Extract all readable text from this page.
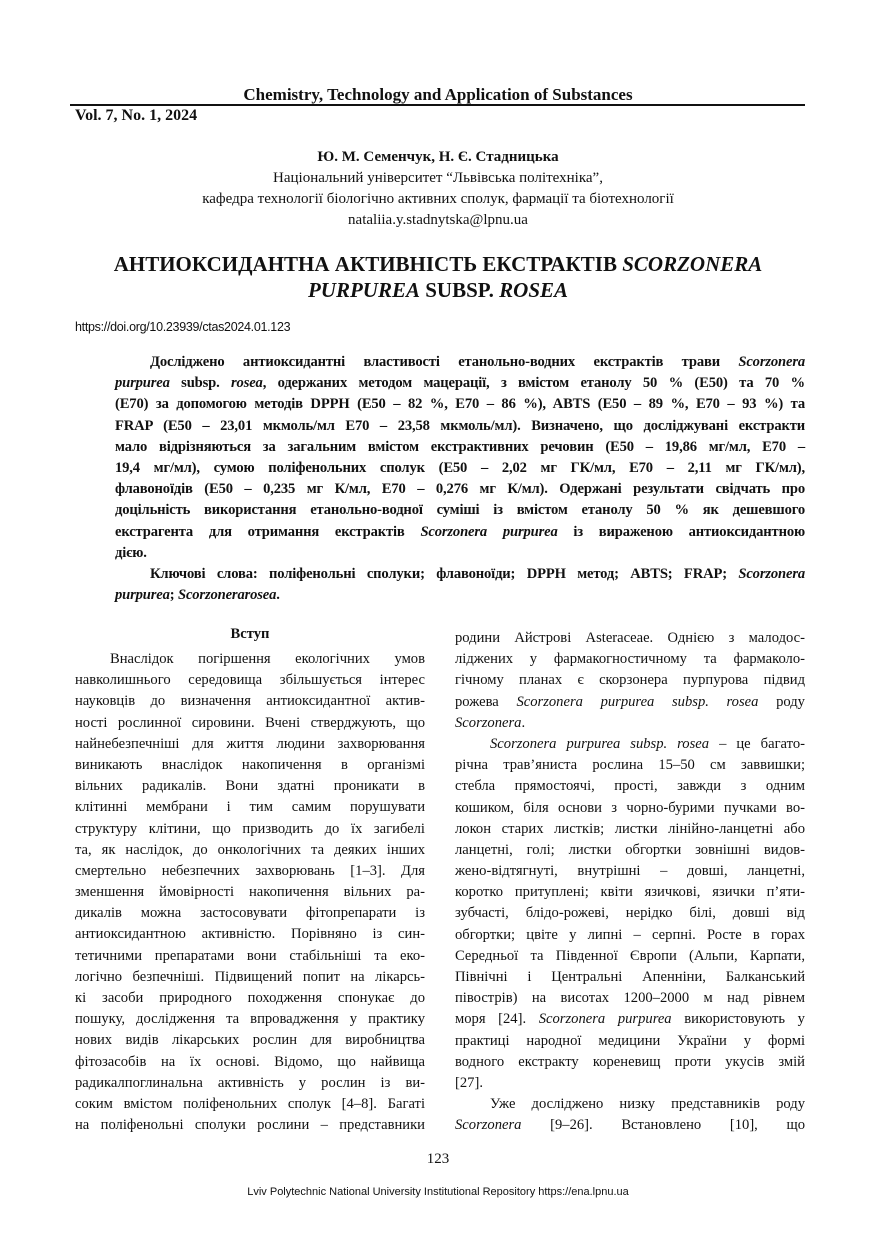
Chemistry, Technology and Application of Substances
Vol. 7, No. 1, 2024
Ю. М. Семенчук, Н. Є. Стадницька
Національний університет “Львівська політехніка”,
кафедра технології біологічно активних сполук, фармації та біотехнології
nataliia.y.stadnytska@lpnu.ua
АНТИОКСИДАНТНА АКТИВНІСТЬ ЕКСТРАКТІВ SCORZONERA
PURPUREA SUBSP. ROSEA
https://doi.org/10.23939/ctas2024.01.123
Досліджено антиоксидантні властивості етанольно-водних екстрактів трави Scorzonera
purpurea subsp. rosea, одержаних методом мацерації, з вмістом етанолу 50 % (E50) та 70 %
(E70) за допомогою методів DPPH (E50 – 82 %, E70 – 86 %), ABTS (E50 – 89 %, E70 – 93 %) та
FRAP (E50 – 23,01 мкмоль/мл E70 – 23,58 мкмоль/мл). Визначено, що досліджувані екстракти
мало відрізняються за загальним вмістом екстрактивних речовин (E50 – 19,86 мг/мл, E70 –
19,4 мг/мл), сумою поліфенольних сполук (E50 – 2,02 мг ГК/мл, E70 – 2,11 мг ГК/мл),
флавоноїдів (E50 – 0,235 мг К/мл, E70 – 0,276 мг К/мл). Одержані результати свідчать про
доцільність використання етанольно-водної суміші із вмістом етанолу 50 % як дешевшого
екстрагента для отримання екстрактів Scorzonera purpurea із вираженою антиоксидантною
дією.
Ключові слова: поліфенольні сполуки; флавоноїди; DPPH метод; ABTS; FRAP; Scorzonera
purpurea; Scorzonerarosea.
Вступ
Внаслідок погіршення екологічних умов
навколишнього середовища збільшується інтерес
науковців до визначення антиоксидантної актив-
ності рослинної сировини. Вчені стверджують, що
найнебезпечніші для життя людини захворювання
виникають внаслідок накопичення в організмі
вільних радикалів. Вони здатні проникати в
клітинні мембрани і тим самим порушувати
структуру клітини, що призводить до їх загибелі
та, як наслідок, до онкологічних та деяких інших
смертельно небезпечних захворювань [1–3]. Для
зменшення ймовірності накопичення вільних ра-
дикалів можна застосовувати фітопрепарати із
антиоксидантною активністю. Порівняно із син-
тетичними препаратами вони стабільніші та еко-
логічно безпечніші. Підвищений попит на лікарсь-
кі засоби природного походження спонукає до
пошуку, дослідження та впровадження у практику
нових видів лікарських рослин для виробництва
фітозасобів на їх основі. Відомо, що найвища
радикалпоглинальна активність у рослин із ви-
соким вмістом поліфенольних сполук [4–8]. Багаті
на поліфенольні сполуки рослини – представники
родини Айстрові Asteraceae. Однією з малодос-
ліджених у фармакогностичному та фармаколо-
гічному планах є скорзонера пурпурова підвид
рожева Scorzonera purpurea subsp. rosea роду
Scorzonera.
Scorzonera purpurea subsp. rosea – це багато-
річна трав’яниста рослина 15–50 см заввишки;
стебла прямостоячі, прості, завжди з одним
кошиком, біля основи з чорно-бурими пучками во-
локон старих листків; листки лінійно-ланцетні або
ланцетні, голі; листки обгортки зовнішні видов-
жено-відтягнуті, внутрішні – довші, ланцетні,
коротко притуплені; квіти язичкові, язички п’яти-
зубчасті, блідо-рожеві, нерідко білі, довші від
обгортки; цвіте у липні – серпні. Росте в горах
Середньої та Південної Європи (Альпи, Карпати,
Північні і Центральні Апенніни, Балканський
півострів) на висотах 1200–2000 м над рівнем
моря [24]. Scorzonera purpurea використовують у
практиці народної медицини України у формі
водного екстракту кореневищ проти укусів змій
[27].
Уже досліджено низку представників роду
Scorzonera [9–26]. Встановлено [10], що
123
Lviv Polytechnic National University Institutional Repository https://ena.lpnu.ua
